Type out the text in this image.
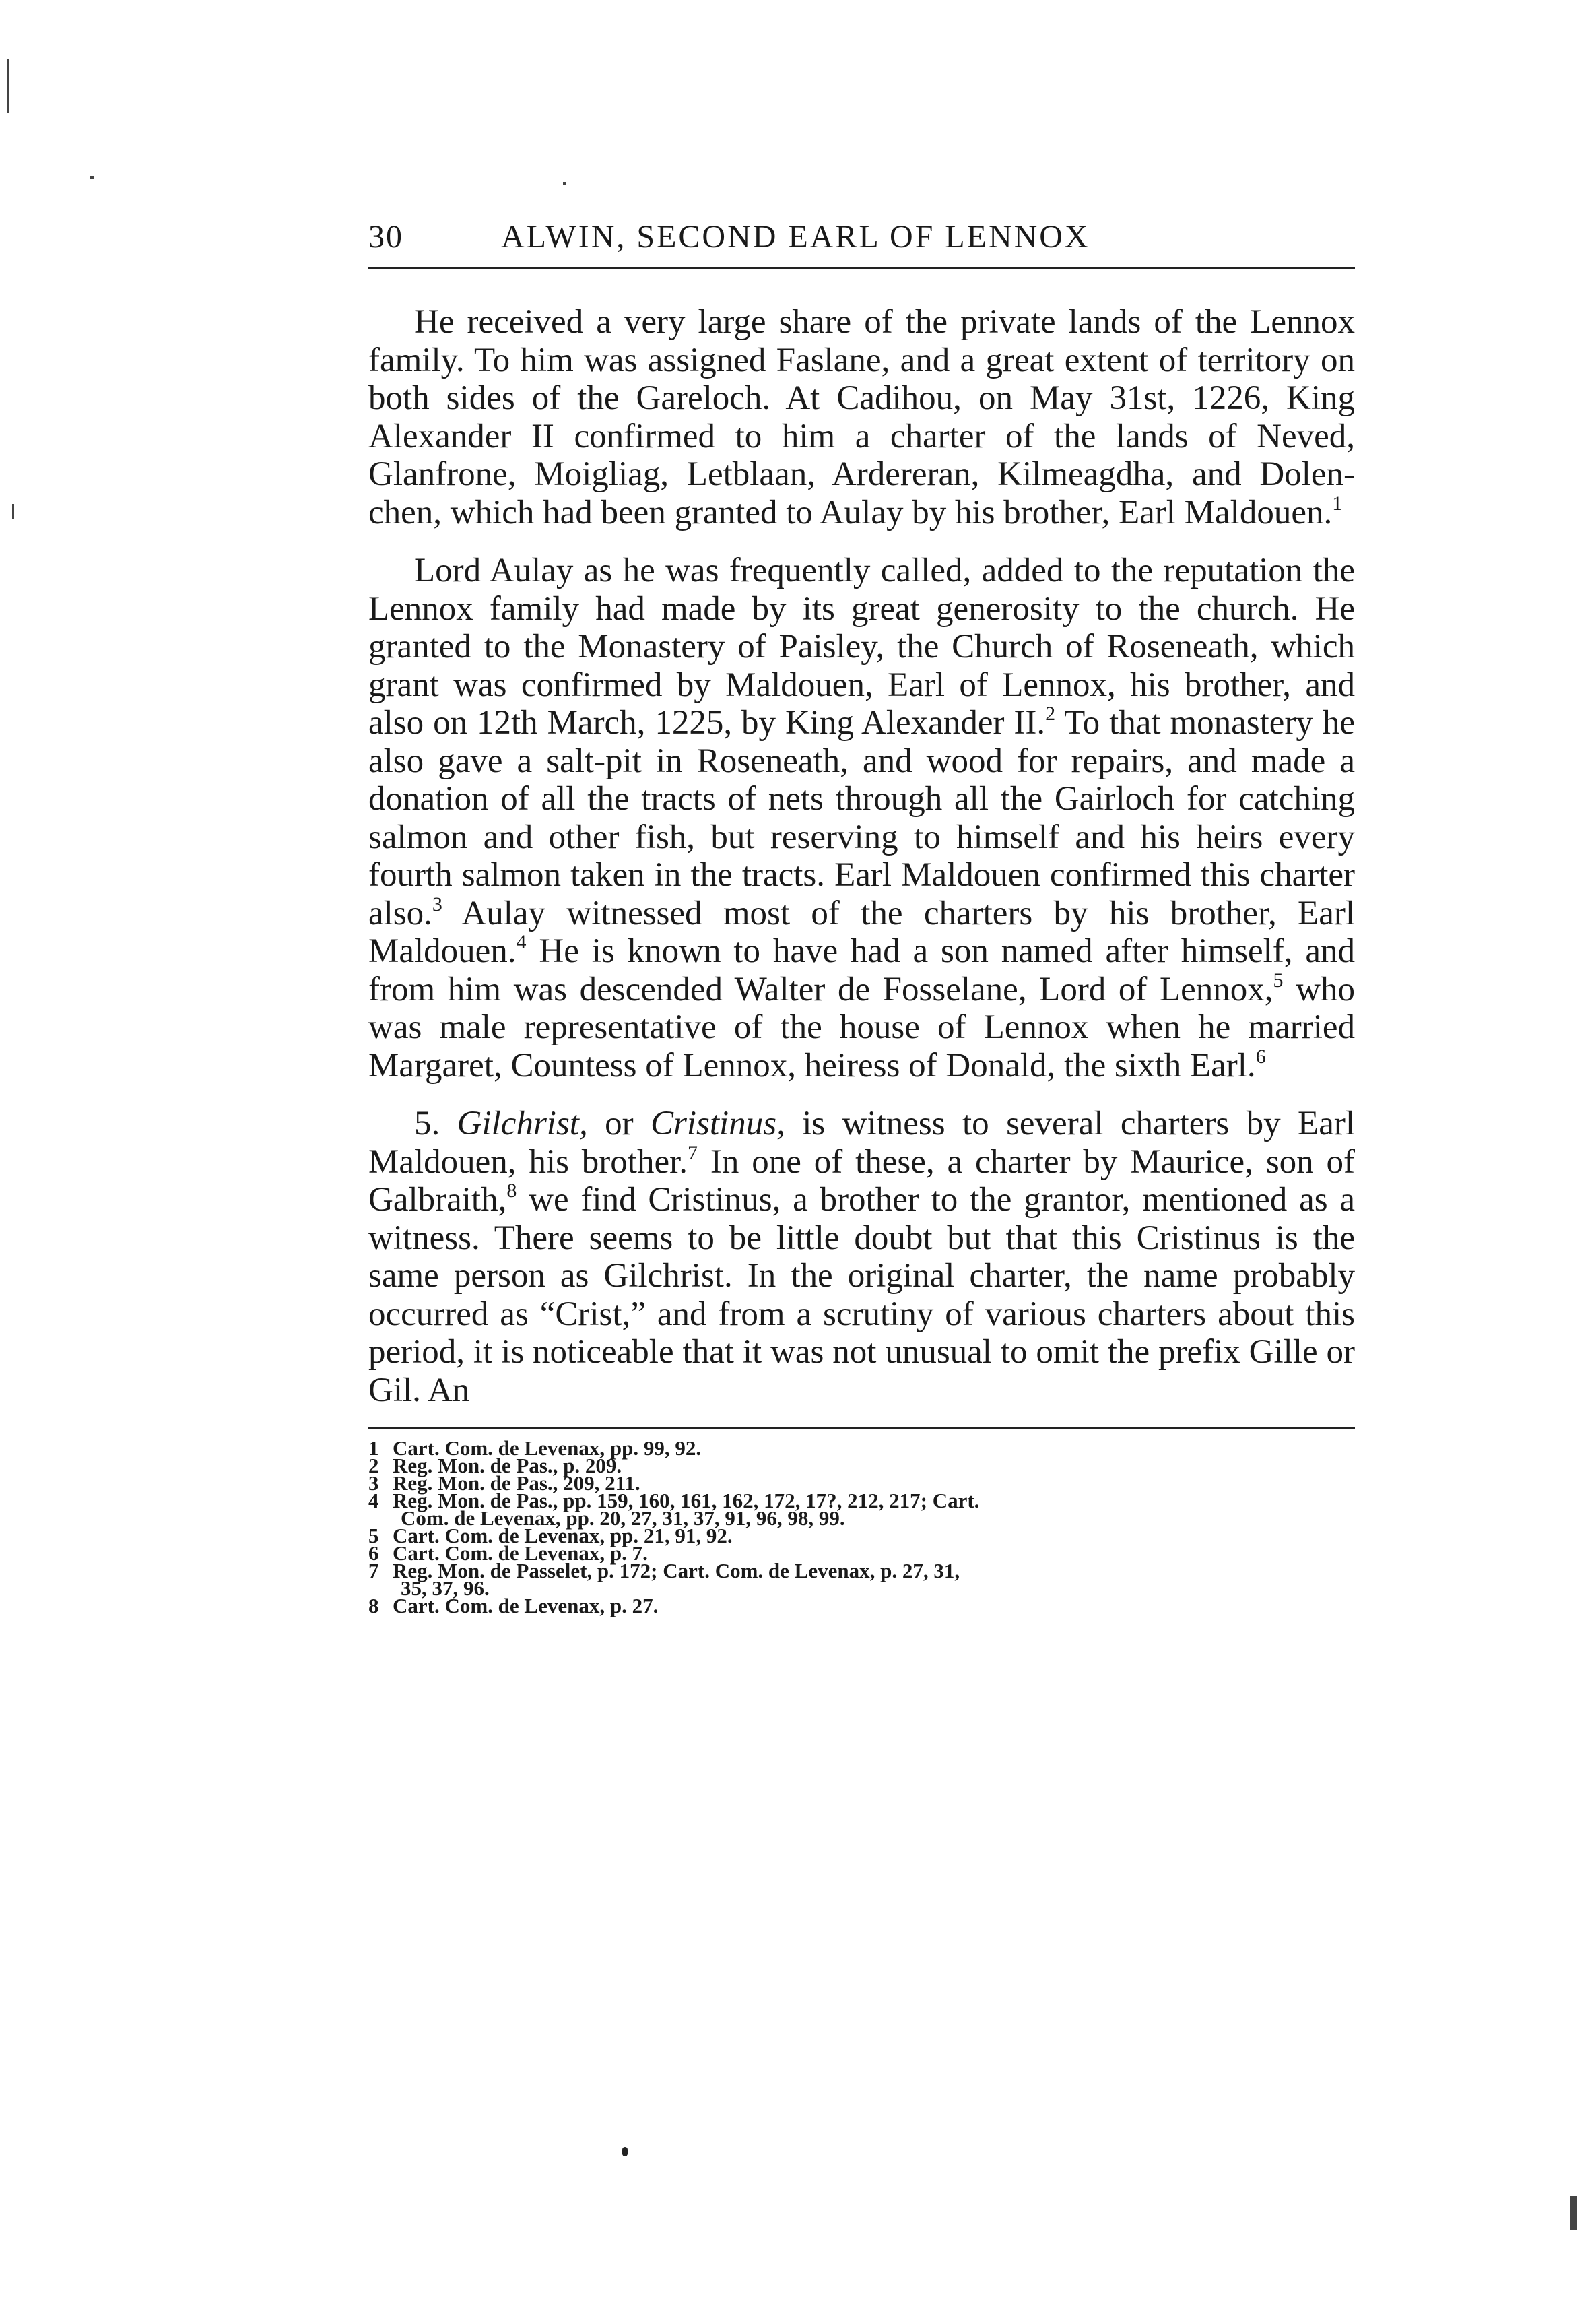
30	ALWIN, SECOND EARL OF LENNOX

He received a very large share of the private lands of the Lennox family. To him was assigned Faslane, and a great extent of territory on both sides of the Gareloch. At Cadihou, on May 31st, 1226, King Alexander II confirmed to him a charter of the lands of Neved, Glanfrone, Moigliag, Letblaan, Ardereran, Kilmeagdha, and Dolenchen, which had been granted to Aulay by his brother, Earl Maldouen.$^1$

Lord Aulay as he was frequently called, added to the reputation the Lennox family had made by its great generosity to the church. He granted to the Monastery of Paisley, the Church of Roseneath, which grant was confirmed by Maldouen, Earl of Lennox, his brother, and also on 12th March, 1225, by King Alexander II.$^2$ To that monastery he also gave a salt-pit in Roseneath, and wood for repairs, and made a donation of all the tracts of nets through all the Gairloch for catching salmon and other fish, but reserving to himself and his heirs every fourth salmon taken in the tracts. Earl Maldouen confirmed this charter also.$^3$ Aulay witnessed most of the charters by his brother, Earl Maldouen.$^4$ He is known to have had a son named after himself, and from him was descended Walter de Fosselane, Lord of Lennox,$^5$ who was male representative of the house of Lennox when he married Margaret, Countess of Lennox, heiress of Donald, the sixth Earl.$^6$

5. Gilchrist, or Cristinus, is witness to several charters by Earl Maldouen, his brother.$^7$ In one of these, a charter by Maurice, son of Galbraith,$^8$ we find Cristinus, a brother to the grantor, mentioned as a witness. There seems to be little doubt but that this Cristinus is the same person as Gilchrist. In the original charter, the name probably occurred as “Crist,” and from a scrutiny of various charters about this period, it is noticeable that it was not unusual to omit the prefix Gille or Gil. An

1 Cart. Com. de Levenax, pp. 99, 92.
2 Reg. Mon. de Pas., p. 209.
3 Reg. Mon. de Pas., 209, 211.
4 Reg. Mon. de Pas., pp. 159, 160, 161, 162, 172, 17?, 212, 217; Cart.
Com. de Levenax, pp. 20, 27, 31, 37, 91, 96, 98, 99.
5 Cart. Com. de Levenax, pp. 21, 91, 92.
6 Cart. Com. de Levenax, p. 7.
7 Reg. Mon. de Passelet, p. 172; Cart. Com. de Levenax, p. 27, 31,
35, 37, 96.
8 Cart. Com. de Levenax, p. 27.
